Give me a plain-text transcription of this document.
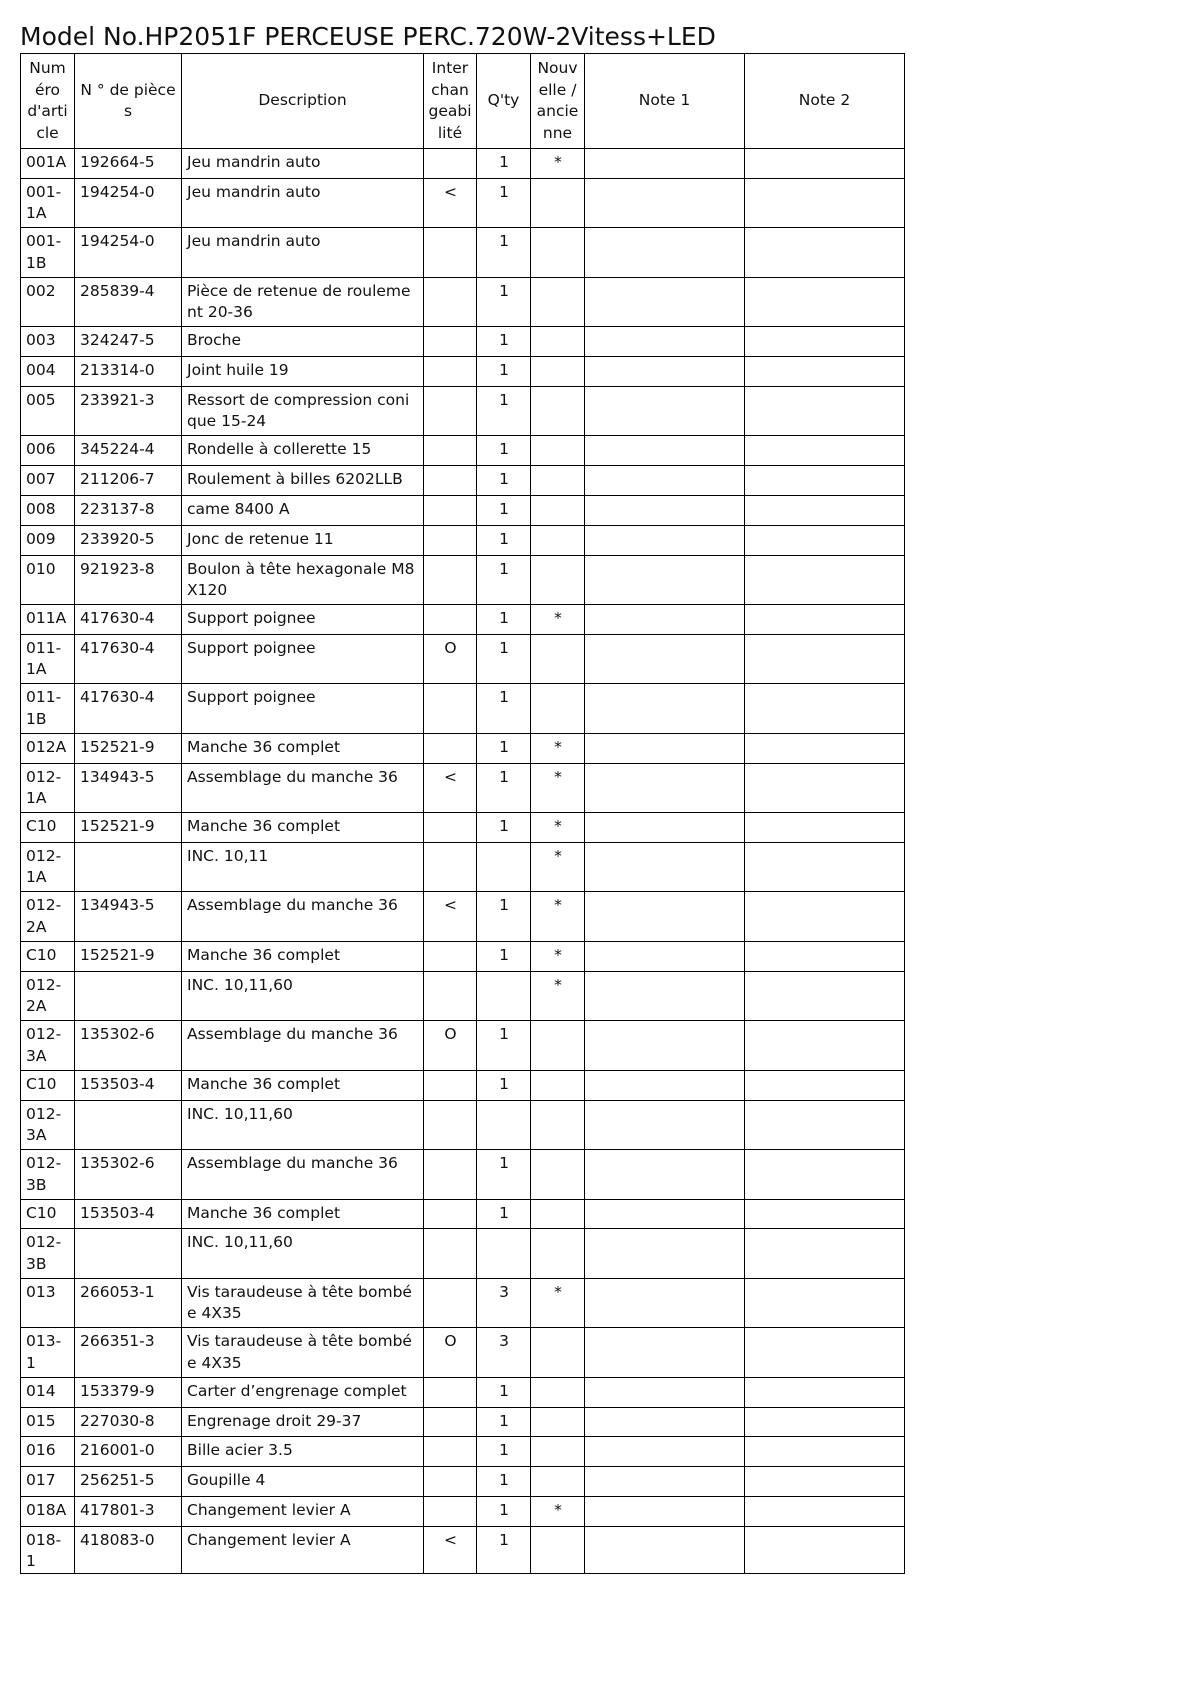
Model No.HP2051F PERCEUSE PERC.720W-2Vitess+LED
Numéro d'article	N ° de pièces	Description	Interchangeabilité	Q'ty	Nouvelle / ancienne	Note 1	Note 2
001A	192664-5	Jeu mandrin auto		1	*		
001-1A	194254-0	Jeu mandrin auto	<	1			
001-1B	194254-0	Jeu mandrin auto		1			
002	285839-4	Pièce de retenue de roulement 20-36		1			
003	324247-5	Broche		1			
004	213314-0	Joint huile 19		1			
005	233921-3	Ressort de compression conique 15-24		1			
006	345224-4	Rondelle à collerette 15		1			
007	211206-7	Roulement à billes 6202LLB		1			
008	223137-8	came 8400 A		1			
009	233920-5	Jonc de retenue 11		1			
010	921923-8	Boulon à tête hexagonale M8X120		1			
011A	417630-4	Support poignee		1	*		
011-1A	417630-4	Support poignee	O	1			
011-1B	417630-4	Support poignee		1			
012A	152521-9	Manche 36 complet		1	*		
012-1A	134943-5	Assemblage du manche 36	<	1	*		
C10	152521-9	Manche 36 complet		1	*		
012-1A		INC. 10,11			*		
012-2A	134943-5	Assemblage du manche 36	<	1	*		
C10	152521-9	Manche 36 complet		1	*		
012-2A		INC. 10,11,60			*		
012-3A	135302-6	Assemblage du manche 36	O	1			
C10	153503-4	Manche 36 complet		1			
012-3A		INC. 10,11,60					
012-3B	135302-6	Assemblage du manche 36		1			
C10	153503-4	Manche 36 complet		1			
012-3B		INC. 10,11,60					
013	266053-1	Vis taraudeuse à tête bombée 4X35		3	*		
013-1	266351-3	Vis taraudeuse à tête bombée 4X35	O	3			
014	153379-9	Carter d’engrenage complet		1			
015	227030-8	Engrenage droit 29-37		1			
016	216001-0	Bille acier 3.5		1			
017	256251-5	Goupille 4		1			
018A	417801-3	Changement levier A		1	*		
018-1	418083-0	Changement levier A	<	1			
